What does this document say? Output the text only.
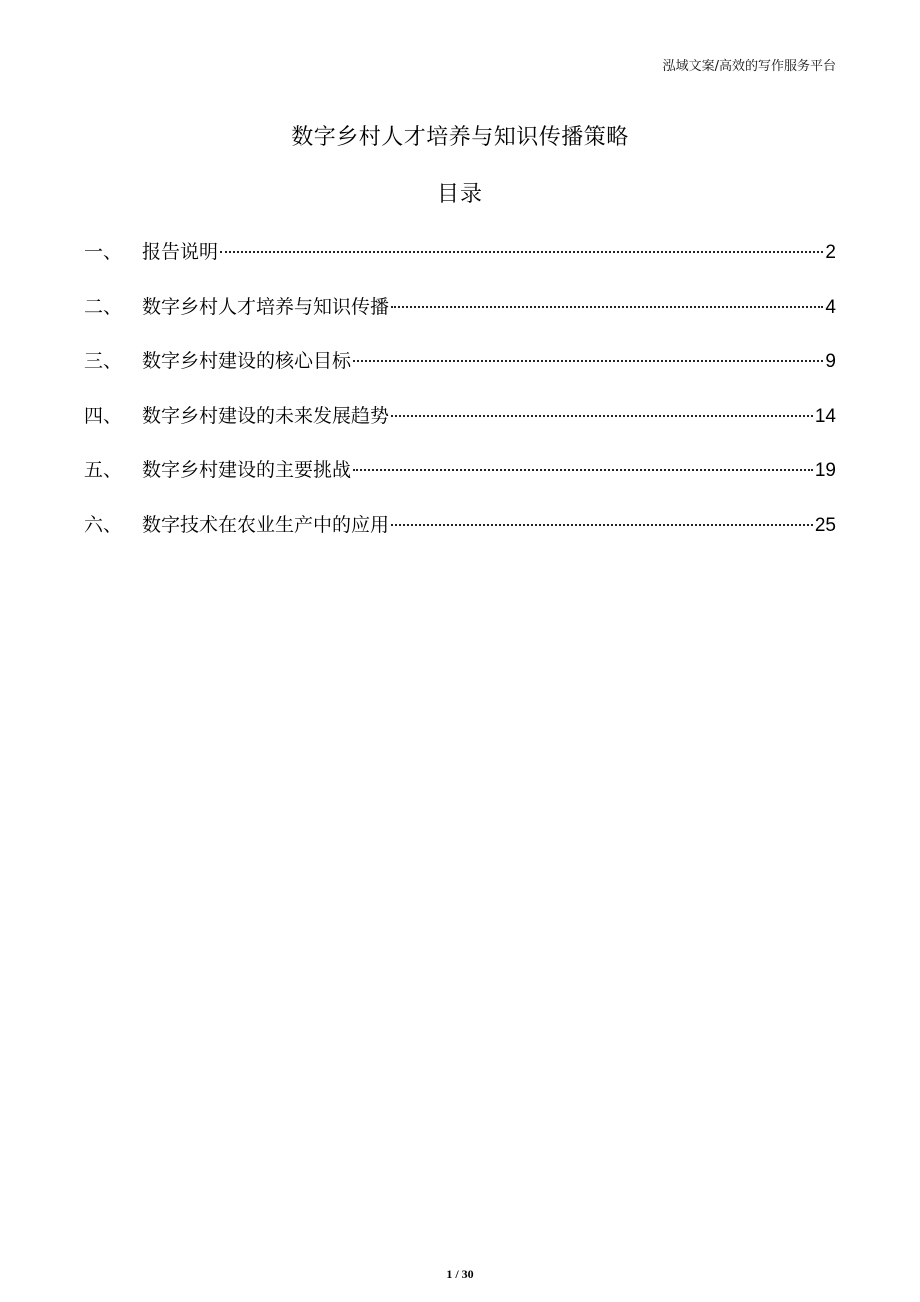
泓域文案/高效的写作服务平台
数字乡村人才培养与知识传播策略
目录
一、	报告说明	2
二、	数字乡村人才培养与知识传播	4
三、	数字乡村建设的核心目标	9
四、	数字乡村建设的未来发展趋势	14
五、	数字乡村建设的主要挑战	19
六、	数字技术在农业生产中的应用	25
1 / 30
